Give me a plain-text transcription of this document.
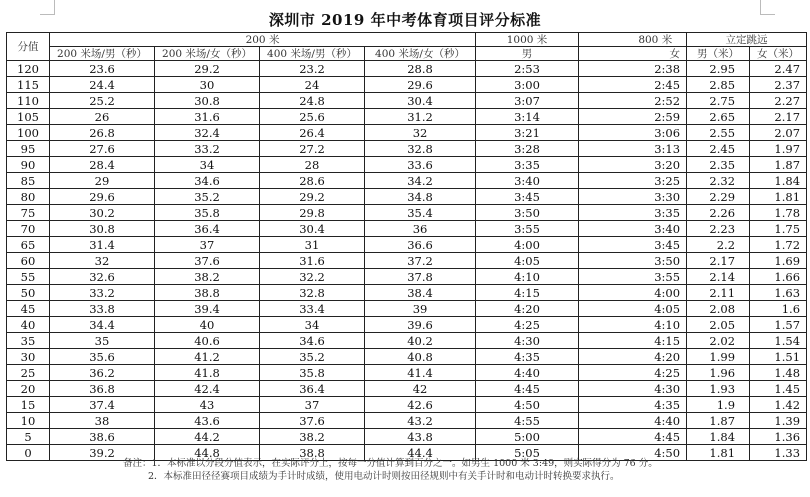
深圳市 2019 年中考体育项目评分标准
分值	200 米				1000 米		800 米	立定跳远	
	200 米场/男（秒）	200 米场/女（秒）	400 米场/男（秒）	400 米场/女（秒）	男		女	男（米）	女（米）
120	23.6	29.2	23.2	28.8	2:53		2:38	2.95	2.47
115	24.4	30	24	29.6	3:00		2:45	2.85	2.37
110	25.2	30.8	24.8	30.4	3:07		2:52	2.75	2.27
105	26	31.6	25.6	31.2	3:14		2:59	2.65	2.17
100	26.8	32.4	26.4	32	3:21		3:06	2.55	2.07
95	27.6	33.2	27.2	32.8	3:28		3:13	2.45	1.97
90	28.4	34	28	33.6	3:35		3:20	2.35	1.87
85	29	34.6	28.6	34.2	3:40		3:25	2.32	1.84
80	29.6	35.2	29.2	34.8	3:45		3:30	2.29	1.81
75	30.2	35.8	29.8	35.4	3:50		3:35	2.26	1.78
70	30.8	36.4	30.4	36	3:55		3:40	2.23	1.75
65	31.4	37	31	36.6	4:00		3:45	2.2	1.72
60	32	37.6	31.6	37.2	4:05		3:50	2.17	1.69
55	32.6	38.2	32.2	37.8	4:10		3:55	2.14	1.66
50	33.2	38.8	32.8	38.4	4:15		4:00	2.11	1.63
45	33.8	39.4	33.4	39	4:20		4:05	2.08	1.6
40	34.4	40	34	39.6	4:25		4:10	2.05	1.57
35	35	40.6	34.6	40.2	4:30		4:15	2.02	1.54
30	35.6	41.2	35.2	40.8	4:35		4:20	1.99	1.51
25	36.2	41.8	35.8	41.4	4:40		4:25	1.96	1.48
20	36.8	42.4	36.4	42	4:45		4:30	1.93	1.45
15	37.4	43	37	42.6	4:50		4:35	1.9	1.42
10	38	43.6	37.6	43.2	4:55		4:40	1.87	1.39
5	38.6	44.2	38.2	43.8	5:00		4:45	1.84	1.36
0	39.2	44.8	38.8	44.4	5:05		4:50	1.81	1.33
备注：1．本标准以分段分值表示，在实际评分上，按每一分值计算到百分之一。如男生 1000 米 3:49，则实际得分为 76 分。
2．本标准田径径赛项目成绩为手计时成绩，使用电动计时则按田径规则中有关手计时和电动计时转换要求执行。
